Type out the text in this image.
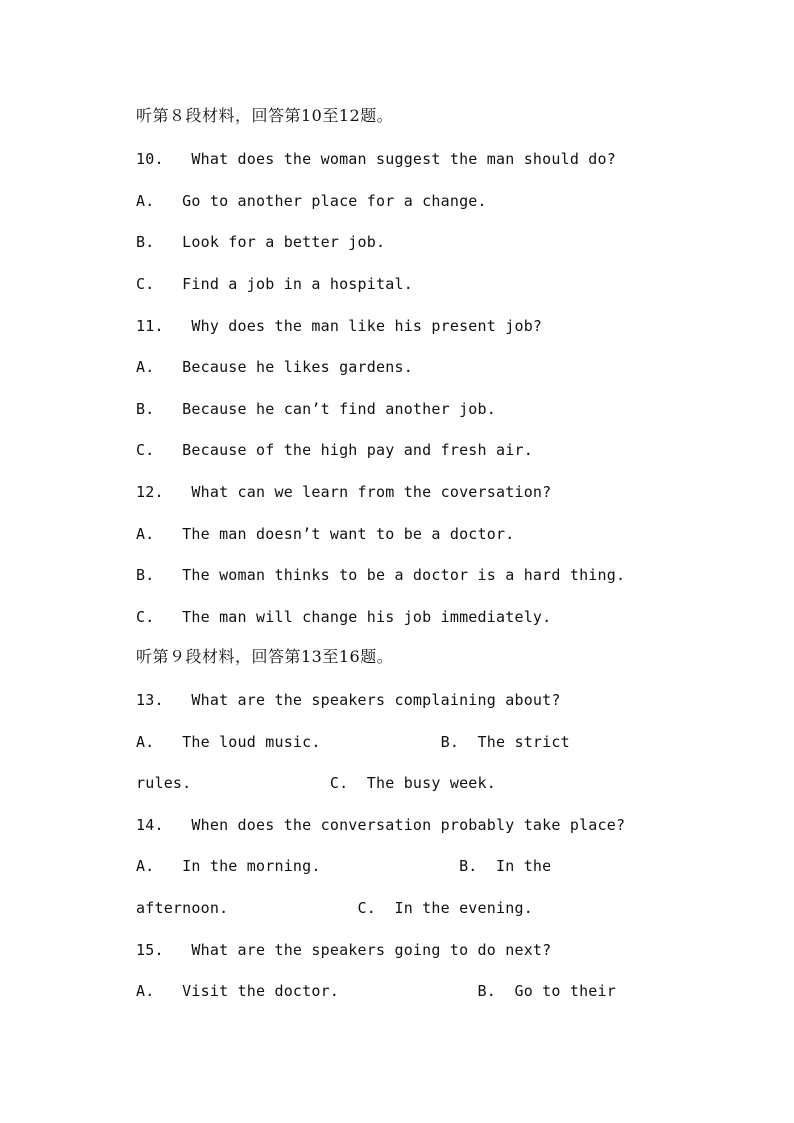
听第８段材料，回答第10至12题。
10.   What does the woman suggest the man should do?
A.   Go to another place for a change.
B.   Look for a better job.
C.   Find a job in a hospital.
11.   Why does the man like his present job?
A.   Because he likes gardens.
B.   Because he can’t find another job.
C.   Because of the high pay and fresh air.
12.   What can we learn from the coversation?
A.   The man doesn’t want to be a doctor.
B.   The woman thinks to be a doctor is a hard thing.
C.   The man will change his job immediately.
听第９段材料，回答第13至16题。
13.   What are the speakers complaining about?
A.   The loud music.             B.  The strict
rules.               C.  The busy week.
14.   When does the conversation probably take place?
A.   In the morning.               B.  In the
afternoon.              C.  In the evening.
15.   What are the speakers going to do next?
A.   Visit the doctor.               B.  Go to their
